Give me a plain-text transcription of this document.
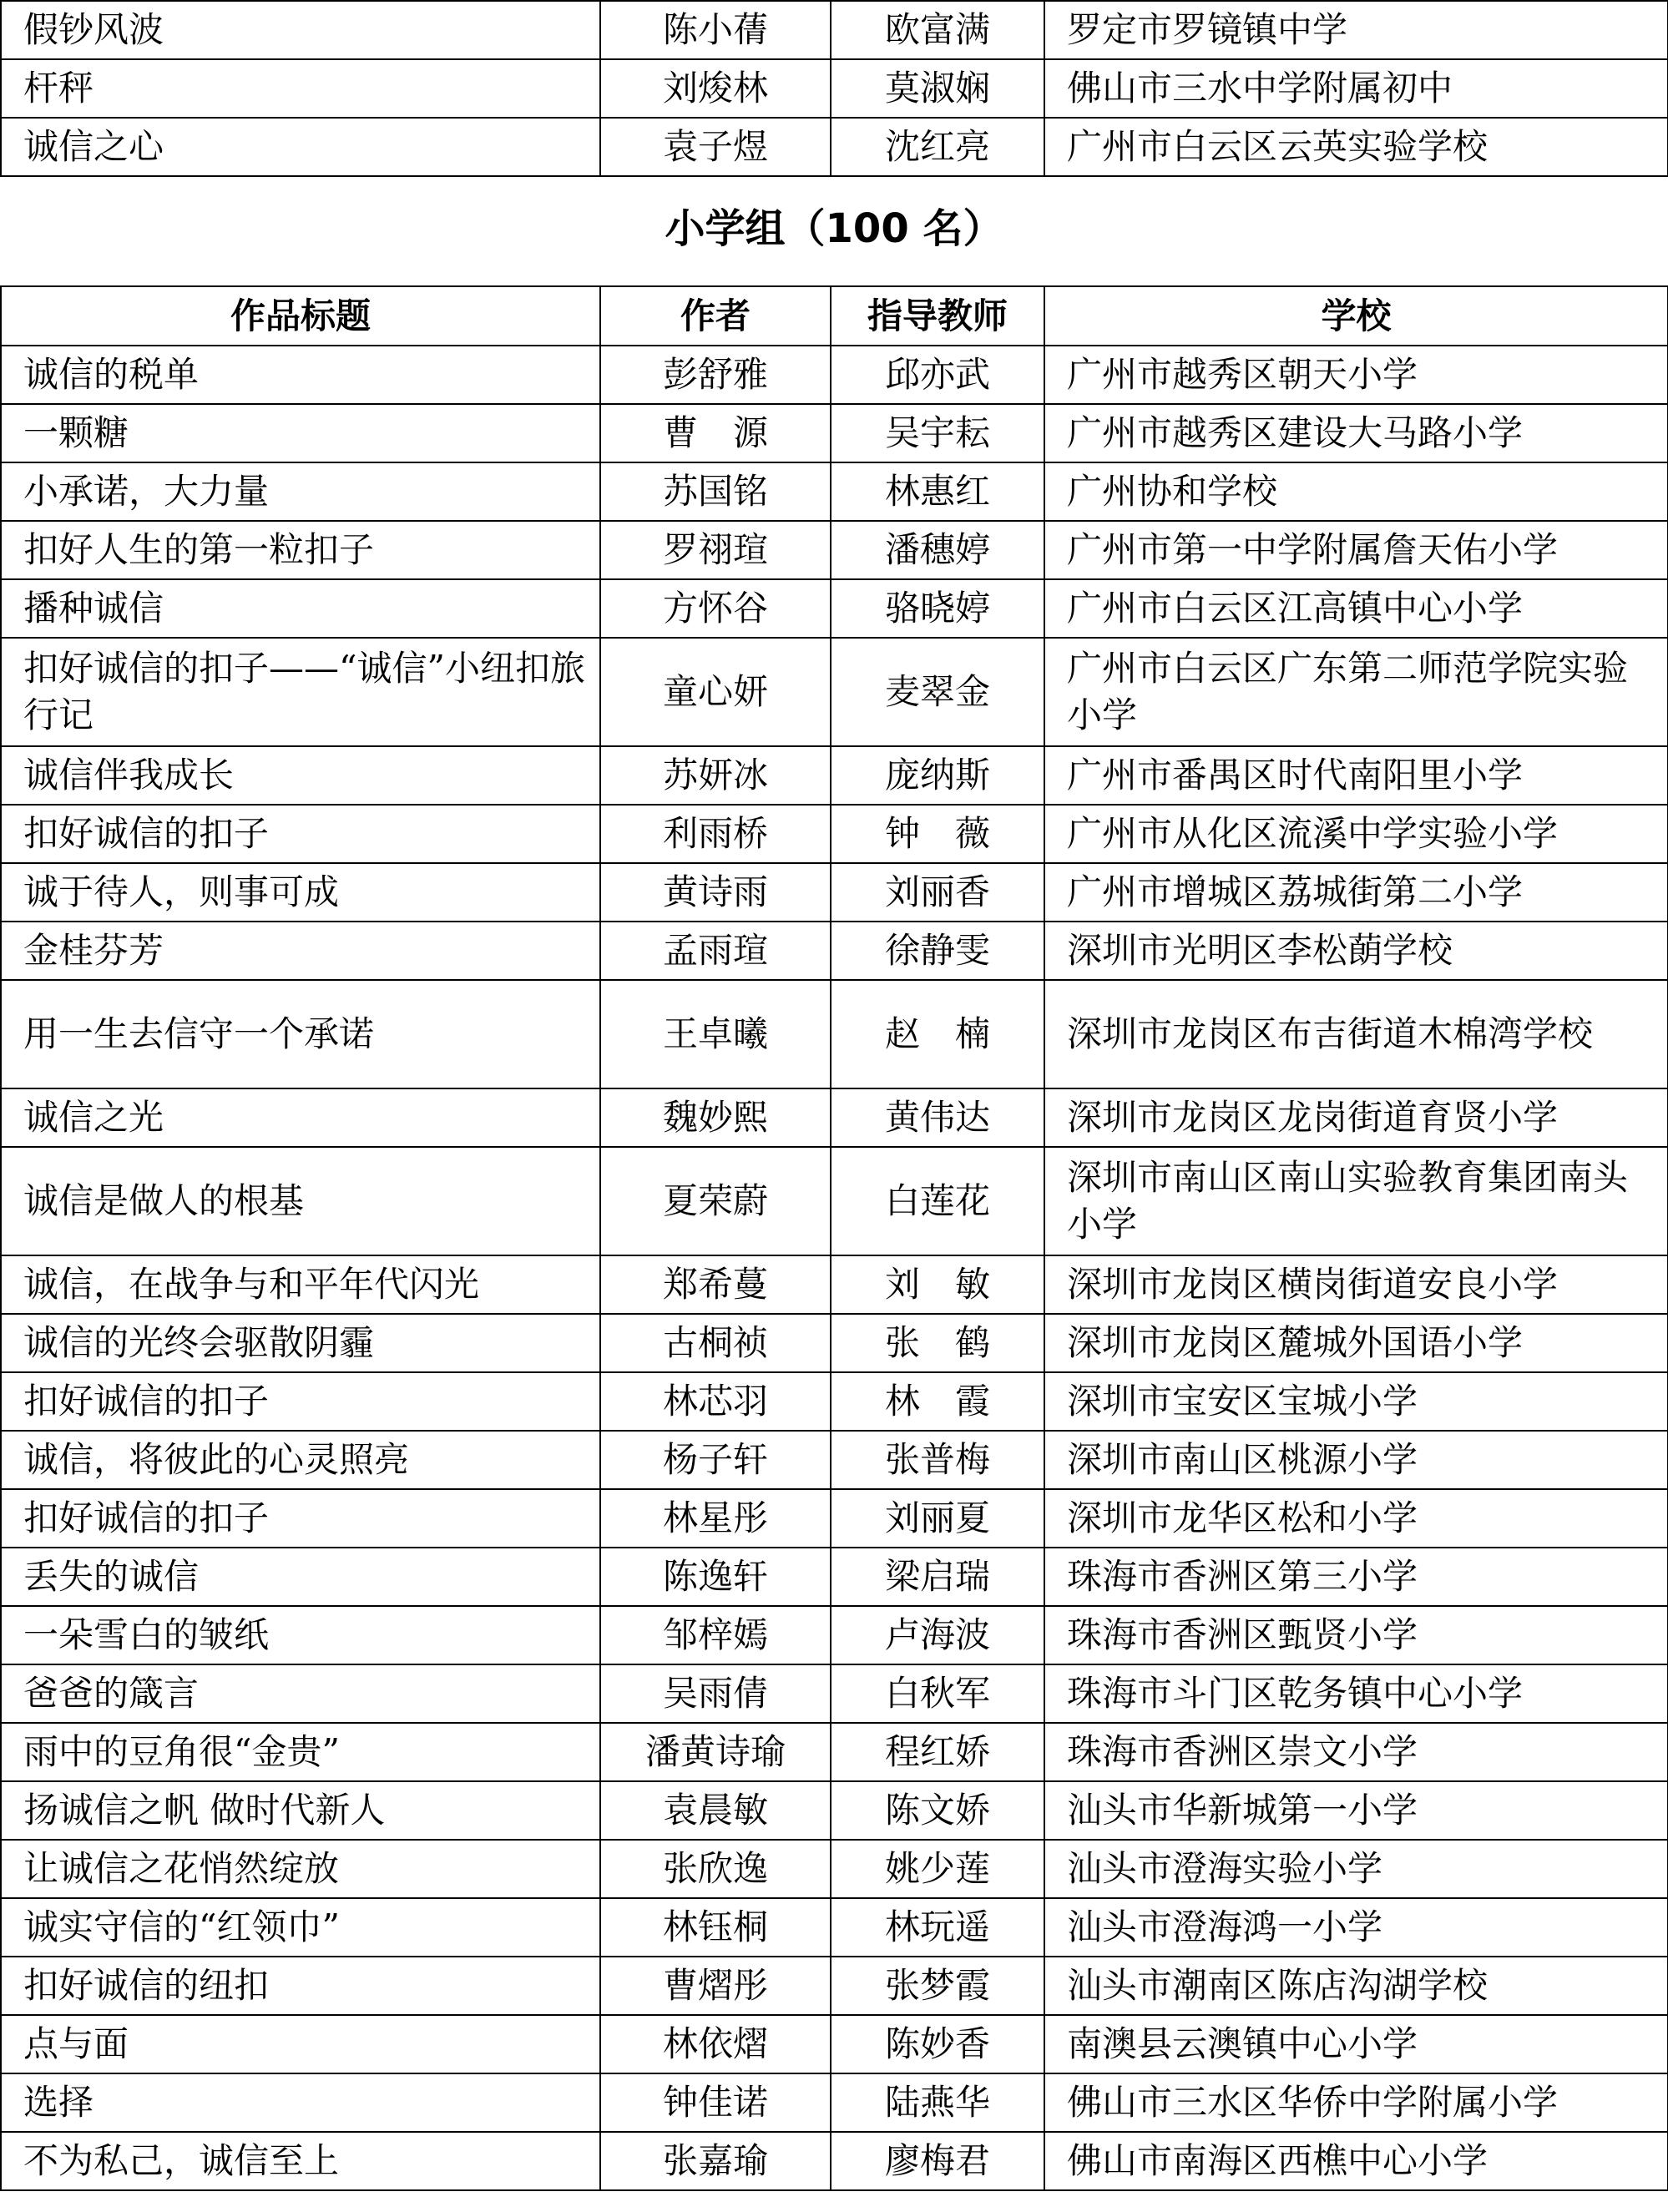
假钞风波	陈小蒨	欧富满	罗定市罗镜镇中学
杆秤	刘焌林	莫淑娴	佛山市三水中学附属初中
诚信之心	袁子煜	沈红亮	广州市白云区云英实验学校
小学组（100 名）
作品标题	作者	指导教师	学校
诚信的税单	彭舒雅	邱亦武	广州市越秀区朝天小学
一颗糖	曹　源	吴宇耘	广州市越秀区建设大马路小学
小承诺，大力量	苏国铭	林惠红	广州协和学校
扣好人生的第一粒扣子	罗祤瑄	潘穗婷	广州市第一中学附属詹天佑小学
播种诚信	方怀谷	骆晓婷	广州市白云区江高镇中心小学
扣好诚信的扣子——“诚信”小纽扣旅行记	童心妍	麦翠金	广州市白云区广东第二师范学院实验小学
诚信伴我成长	苏妍冰	庞纳斯	广州市番禺区时代南阳里小学
扣好诚信的扣子	利雨桥	钟　薇	广州市从化区流溪中学实验小学
诚于待人，则事可成	黄诗雨	刘丽香	广州市增城区荔城街第二小学
金桂芬芳	孟雨瑄	徐静雯	深圳市光明区李松蓢学校
用一生去信守一个承诺	王卓曦	赵　楠	深圳市龙岗区布吉街道木棉湾学校
诚信之光	魏妙熙	黄伟达	深圳市龙岗区龙岗街道育贤小学
诚信是做人的根基	夏荣蔚	白莲花	深圳市南山区南山实验教育集团南头小学
诚信，在战争与和平年代闪光	郑希蔓	刘　敏	深圳市龙岗区横岗街道安良小学
诚信的光终会驱散阴霾	古桐祯	张　鹤	深圳市龙岗区麓城外国语小学
扣好诚信的扣子	林芯羽	林　霞	深圳市宝安区宝城小学
诚信，将彼此的心灵照亮	杨子轩	张普梅	深圳市南山区桃源小学
扣好诚信的扣子	林星彤	刘丽夏	深圳市龙华区松和小学
丢失的诚信	陈逸轩	梁启瑞	珠海市香洲区第三小学
一朵雪白的皱纸	邹梓嫣	卢海波	珠海市香洲区甄贤小学
爸爸的箴言	吴雨倩	白秋军	珠海市斗门区乾务镇中心小学
雨中的豆角很“金贵”	潘黄诗瑜	程红娇	珠海市香洲区崇文小学
扬诚信之帆 做时代新人	袁晨敏	陈文娇	汕头市华新城第一小学
让诚信之花悄然绽放	张欣逸	姚少莲	汕头市澄海实验小学
诚实守信的“红领巾”	林钰桐	林玩遥	汕头市澄海鸿一小学
扣好诚信的纽扣	曹熠彤	张梦霞	汕头市潮南区陈店沟湖学校
点与面	林依熠	陈妙香	南澳县云澳镇中心小学
选择	钟佳诺	陆燕华	佛山市三水区华侨中学附属小学
不为私己，诚信至上	张嘉瑜	廖梅君	佛山市南海区西樵中心小学
